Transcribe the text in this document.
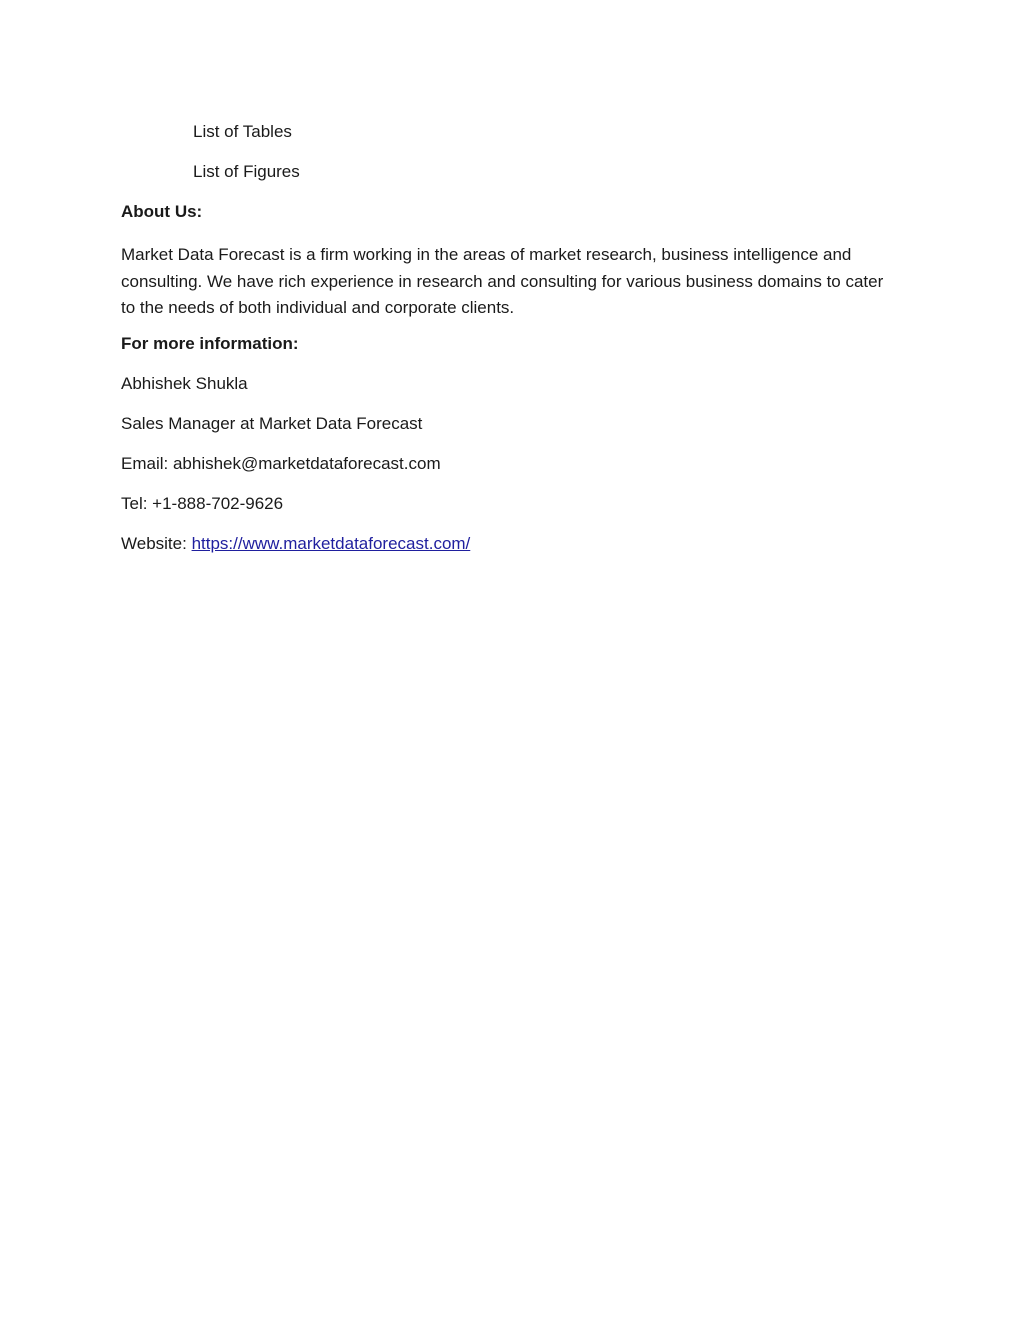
List of Tables
List of Figures
About Us:
Market Data Forecast is a firm working in the areas of market research, business intelligence and consulting. We have rich experience in research and consulting for various business domains to cater to the needs of both individual and corporate clients.
For more information:
Abhishek Shukla
Sales Manager at Market Data Forecast
Email: abhishek@marketdataforecast.com
Tel: +1-888-702-9626
Website: https://www.marketdataforecast.com/
